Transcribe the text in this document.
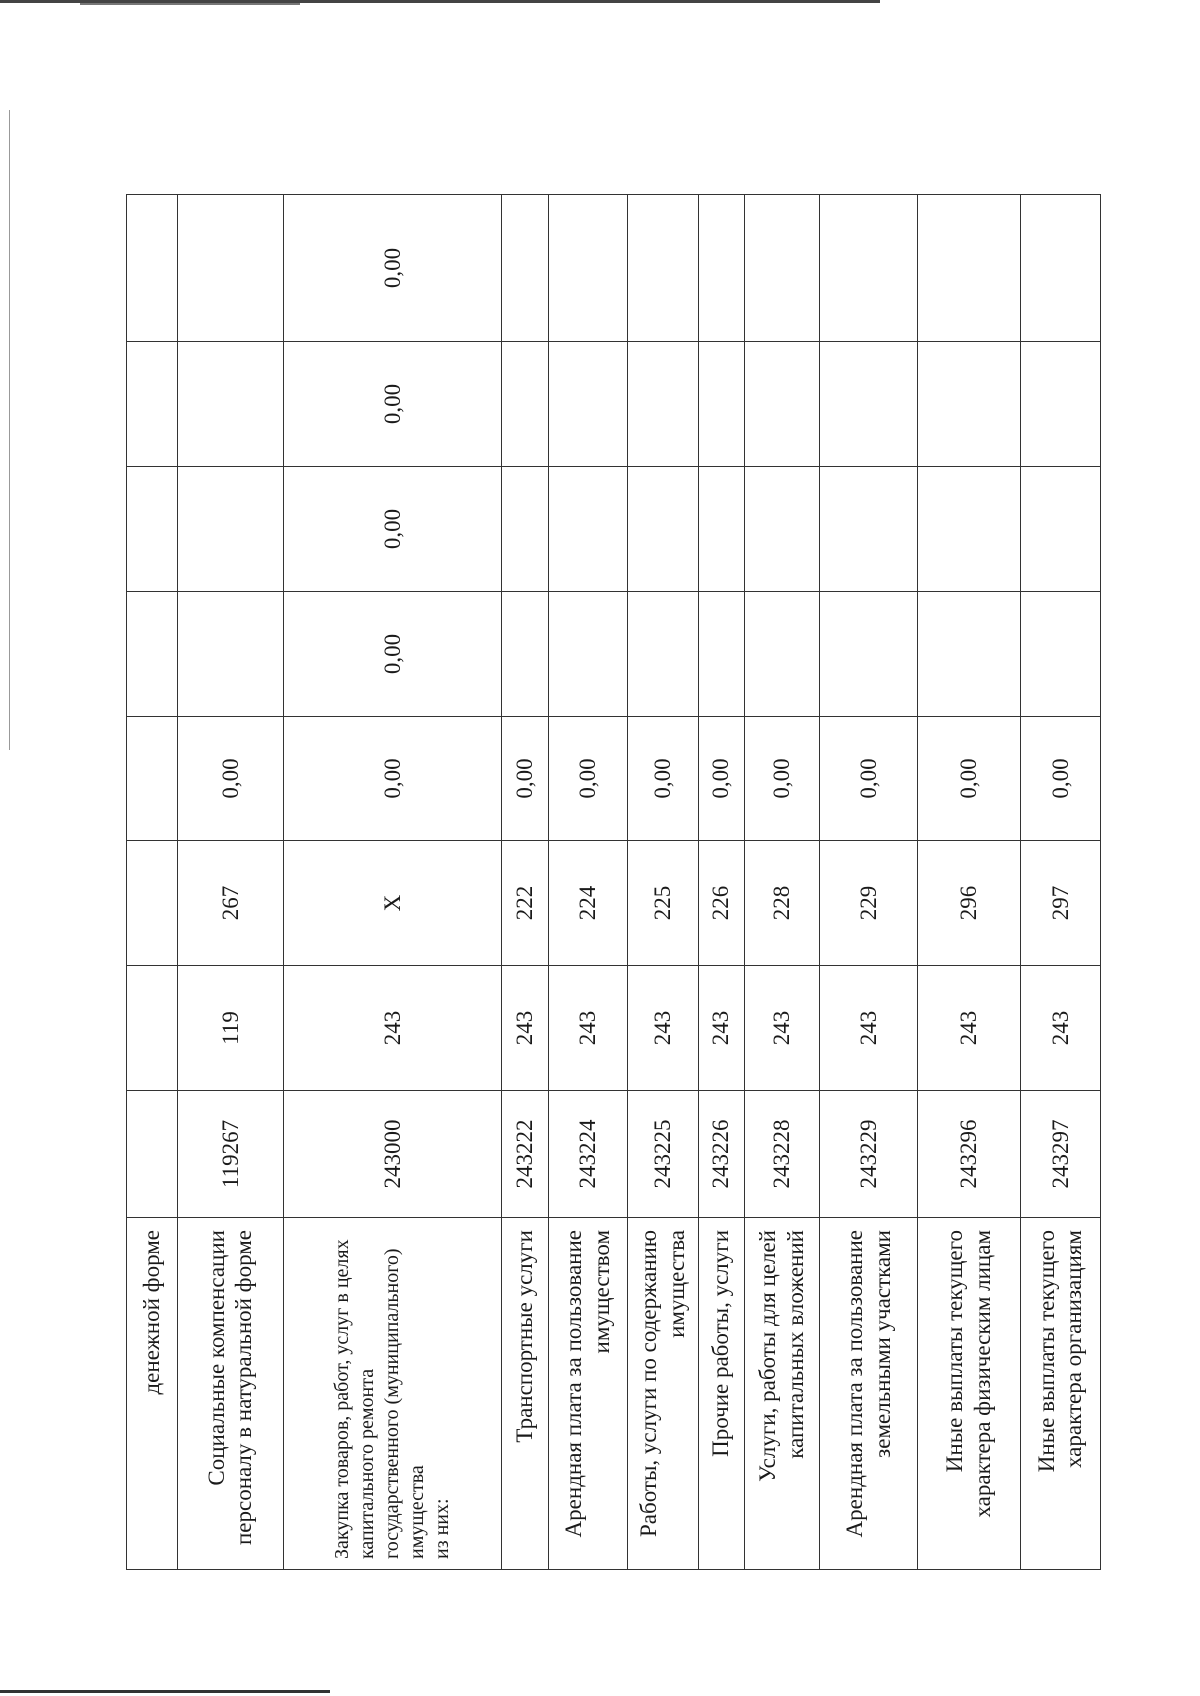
денежной форме								
Социальные компенсации персоналу в натуральной форме	119267	119	267	0,00				
Закупка товаров, работ, услуг в целях капитального ремонта государственного (муниципального) имущества
из них:	243000	243	X	0,00	0,00	0,00	0,00	0,00
Транспортные услуги	243222	243	222	0,00				
Арендная плата за пользование имуществом	243224	243	224	0,00				
Работы, услуги по содержанию имущества	243225	243	225	0,00				
Прочие работы, услуги	243226	243	226	0,00				
Услуги, работы для целей капитальных вложений	243228	243	228	0,00				
Арендная плата за пользование земельными участками	243229	243	229	0,00				
Иные выплаты текущего характера физическим лицам	243296	243	296	0,00				
Иные выплаты текущего характера организациям	243297	243	297	0,00				
